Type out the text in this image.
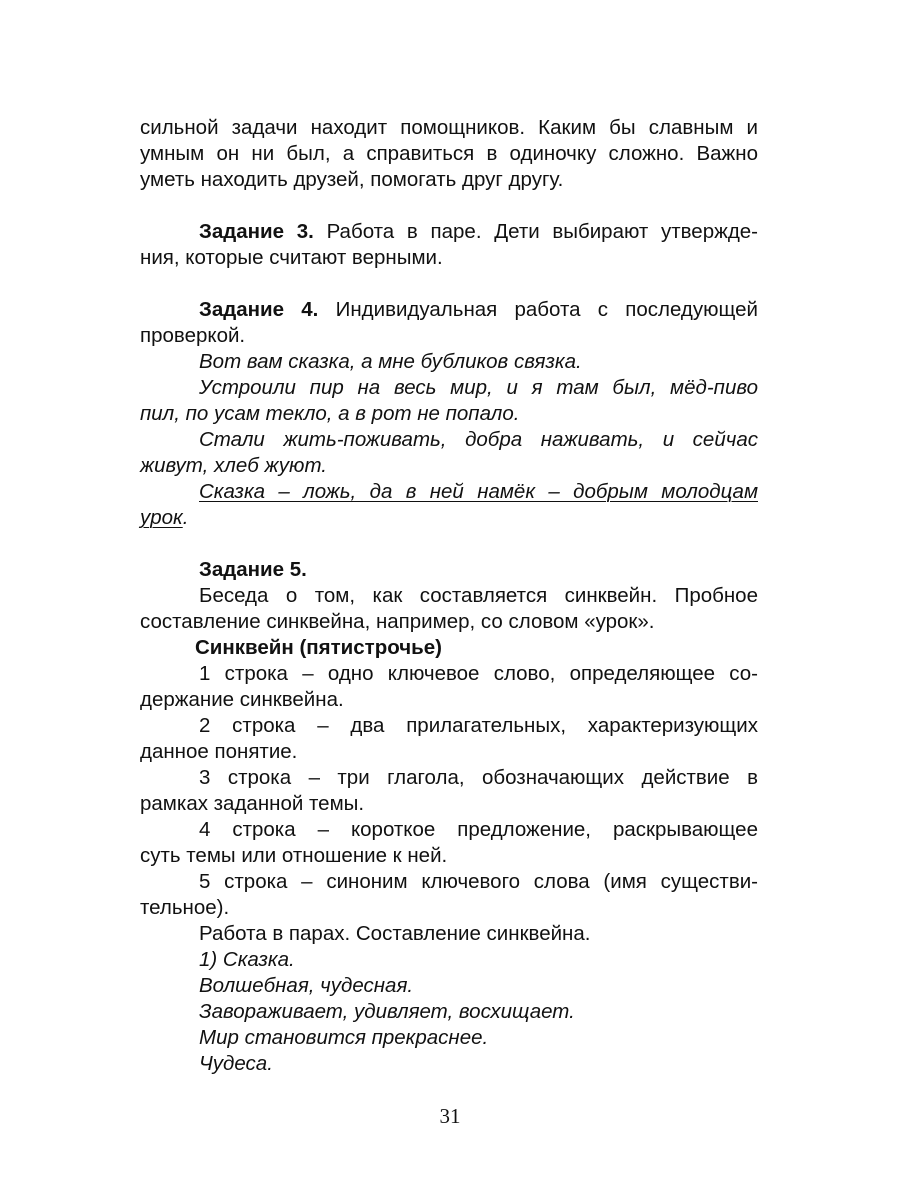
сильной задачи находит помощников. Каким бы славным и
умным он ни был, а справиться в одиночку сложно. Важно
уметь находить друзей, помогать друг другу.
Задание 3. Работа в паре. Дети выбирают утвержде-
ния, которые считают верными.
Задание 4. Индивидуальная работа с последующей
проверкой.
Вот вам сказка, а мне бубликов связка.
Устроили пир на весь мир, и я там был, мёд-пиво
пил, по усам текло, а в рот не попало.
Стали жить-поживать, добра наживать, и сейчас
живут, хлеб жуют.
Сказка – ложь, да в ней намёк – добрым молодцам
урок.
Задание 5.
Беседа о том, как составляется синквейн. Пробное
составление синквейна, например, со словом «урок».
Синквейн (пятистрочье)
1 строка – одно ключевое слово, определяющее со-
держание синквейна.
2 строка – два прилагательных, характеризующих
данное понятие.
3 строка – три глагола, обозначающих действие в
рамках заданной темы.
4 строка – короткое предложение, раскрывающее
суть темы или отношение к ней.
5 строка – синоним ключевого слова (имя существи-
тельное).
Работа в парах. Составление синквейна.
1) Сказка.
Волшебная, чудесная.
Завораживает, удивляет, восхищает.
Мир становится прекраснее.
Чудеса.
31
